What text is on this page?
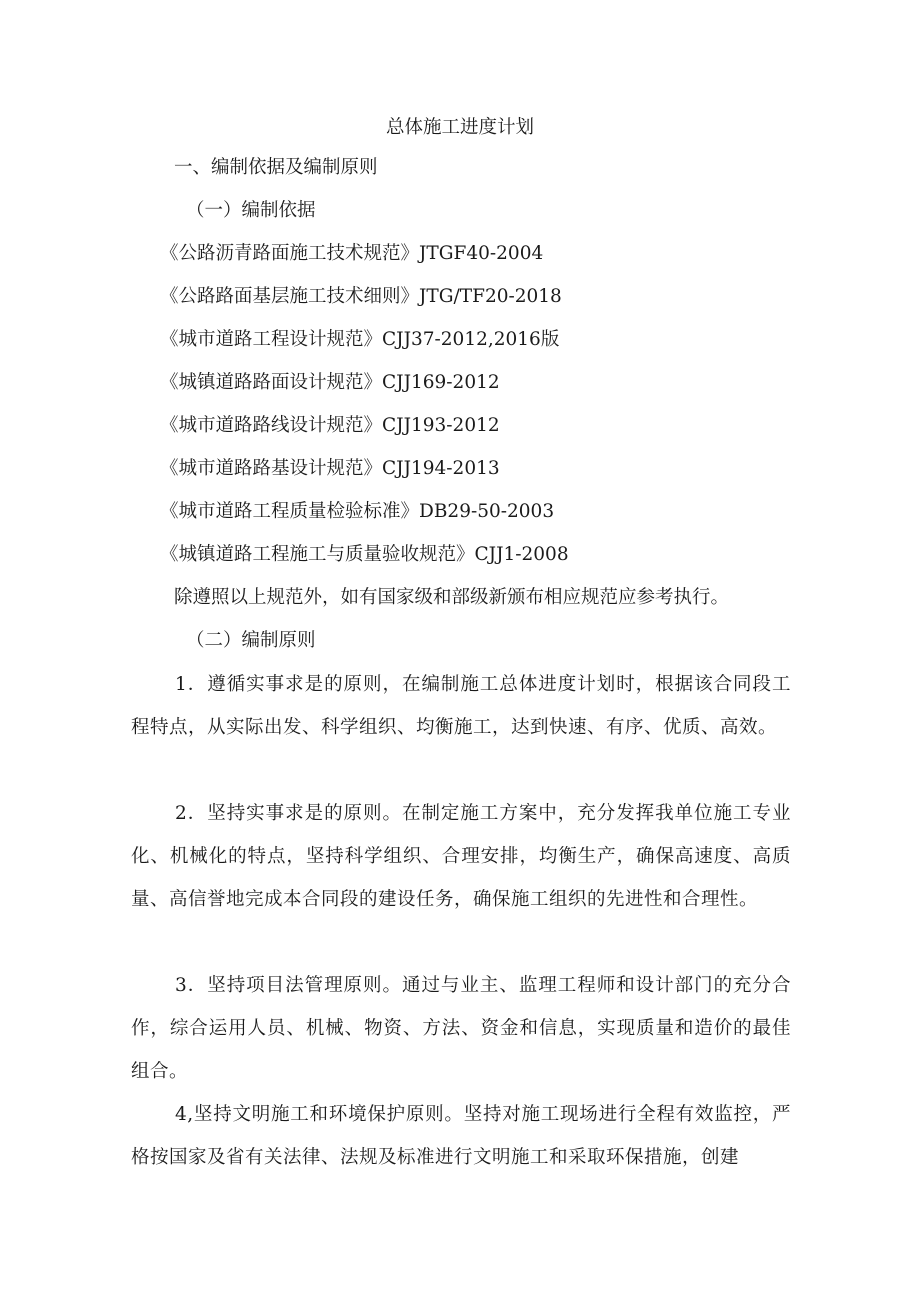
总体施工进度计划
一、编制依据及编制原则
（一）编制依据
《公路沥青路面施工技术规范》JTGF40-2004
《公路路面基层施工技术细则》JTG/TF20-2018
《城市道路工程设计规范》CJJ37-2012,2016版
《城镇道路路面设计规范》CJJ169-2012
《城市道路路线设计规范》CJJ193-2012
《城市道路路基设计规范》CJJ194-2013
《城市道路工程质量检验标准》DB29-50-2003
《城镇道路工程施工与质量验收规范》CJJ1-2008
除遵照以上规范外，如有国家级和部级新颁布相应规范应参考执行。
（二）编制原则
1．遵循实事求是的原则，在编制施工总体进度计划时，根据该合同段工程特点，从实际出发、科学组织、均衡施工，达到快速、有序、优质、高效。
2．坚持实事求是的原则。在制定施工方案中，充分发挥我单位施工专业化、机械化的特点，坚持科学组织、合理安排，均衡生产，确保高速度、高质量、高信誉地完成本合同段的建设任务，确保施工组织的先进性和合理性。
3．坚持项目法管理原则。通过与业主、监理工程师和设计部门的充分合作，综合运用人员、机械、物资、方法、资金和信息，实现质量和造价的最佳组合。
4,坚持文明施工和环境保护原则。坚持对施工现场进行全程有效监控，严格按国家及省有关法律、法规及标准进行文明施工和采取环保措施，创建
